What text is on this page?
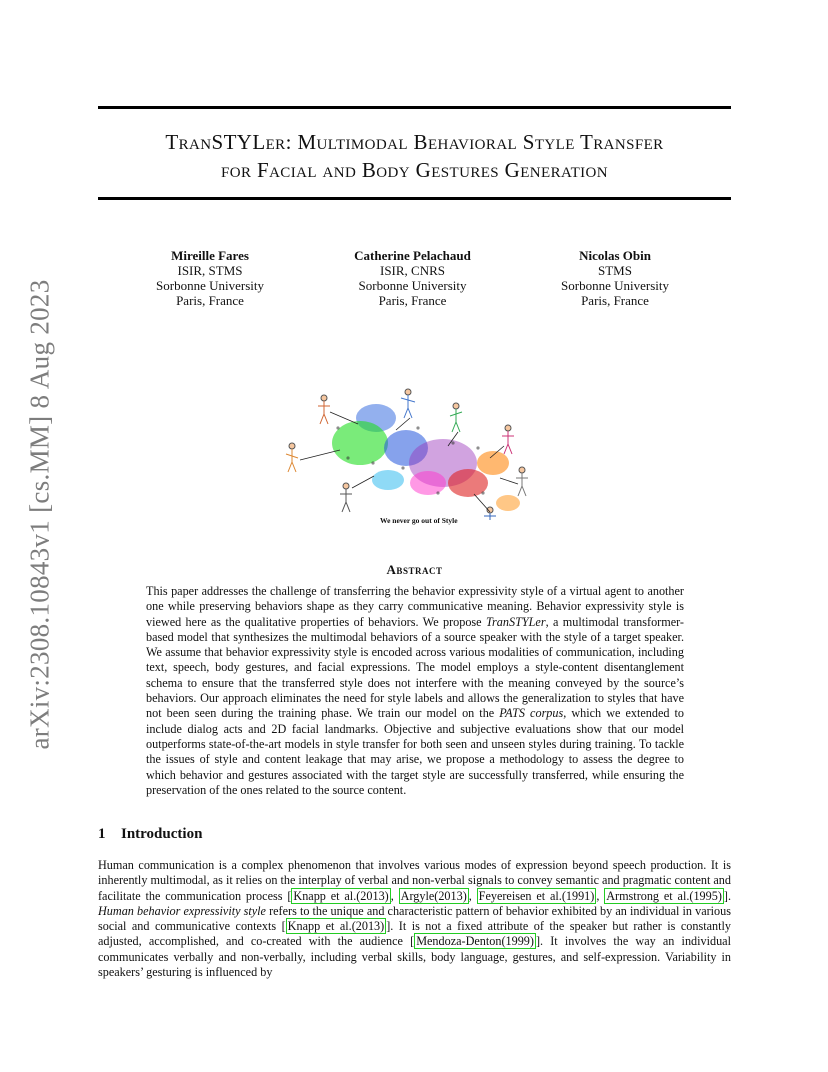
arXiv:2308.10843v1 [cs.MM] 8 Aug 2023
TranSTYLer: Multimodal Behavioral Style Transfer
for Facial and Body Gestures Generation
Mireille Fares
ISIR, STMS
Sorbonne University
Paris, France
Catherine Pelachaud
ISIR, CNRS
Sorbonne University
Paris, France
Nicolas Obin
STMS
Sorbonne University
Paris, France
We never go out of Style
Abstract
This paper addresses the challenge of transferring the behavior expressivity style of a virtual agent to another one while preserving behaviors shape as they carry communicative meaning. Behavior expressivity style is viewed here as the qualitative properties of behaviors. We propose TranSTYLer, a multimodal transformer-based model that synthesizes the multimodal behaviors of a source speaker with the style of a target speaker. We assume that behavior expressivity style is encoded across various modalities of communication, including text, speech, body gestures, and facial expressions. The model employs a style-content disentanglement schema to ensure that the transferred style does not interfere with the meaning conveyed by the source’s behaviors. Our approach eliminates the need for style labels and allows the generalization to styles that have not been seen during the training phase. We train our model on the PATS corpus, which we extended to include dialog acts and 2D facial landmarks. Objective and subjective evaluations show that our model outperforms state-of-the-art models in style transfer for both seen and unseen styles during training. To tackle the issues of style and content leakage that may arise, we propose a methodology to assess the degree to which behavior and gestures associated with the target style are successfully transferred, while ensuring the preservation of the ones related to the source content.
1 Introduction
Human communication is a complex phenomenon that involves various modes of expression beyond speech production. It is inherently multimodal, as it relies on the interplay of verbal and non-verbal signals to convey semantic and pragmatic content and facilitate the communication process [ Knapp et al.(2013) , Argyle(2013) , Feyereisen et al.(1991) , Armstrong et al.(1995) ]. Human behavior expressivity style refers to the unique and characteristic pattern of behavior exhibited by an individual in various social and communicative contexts [ Knapp et al.(2013) ]. It is not a fixed attribute of the speaker but rather is constantly adjusted, accomplished, and co-created with the audience [ Mendoza-Denton(1999) ]. It involves the way an individual communicates verbally and non-verbally, including verbal skills, body language, gestures, and self-expression. Variability in speakers’ gesturing is influenced by
